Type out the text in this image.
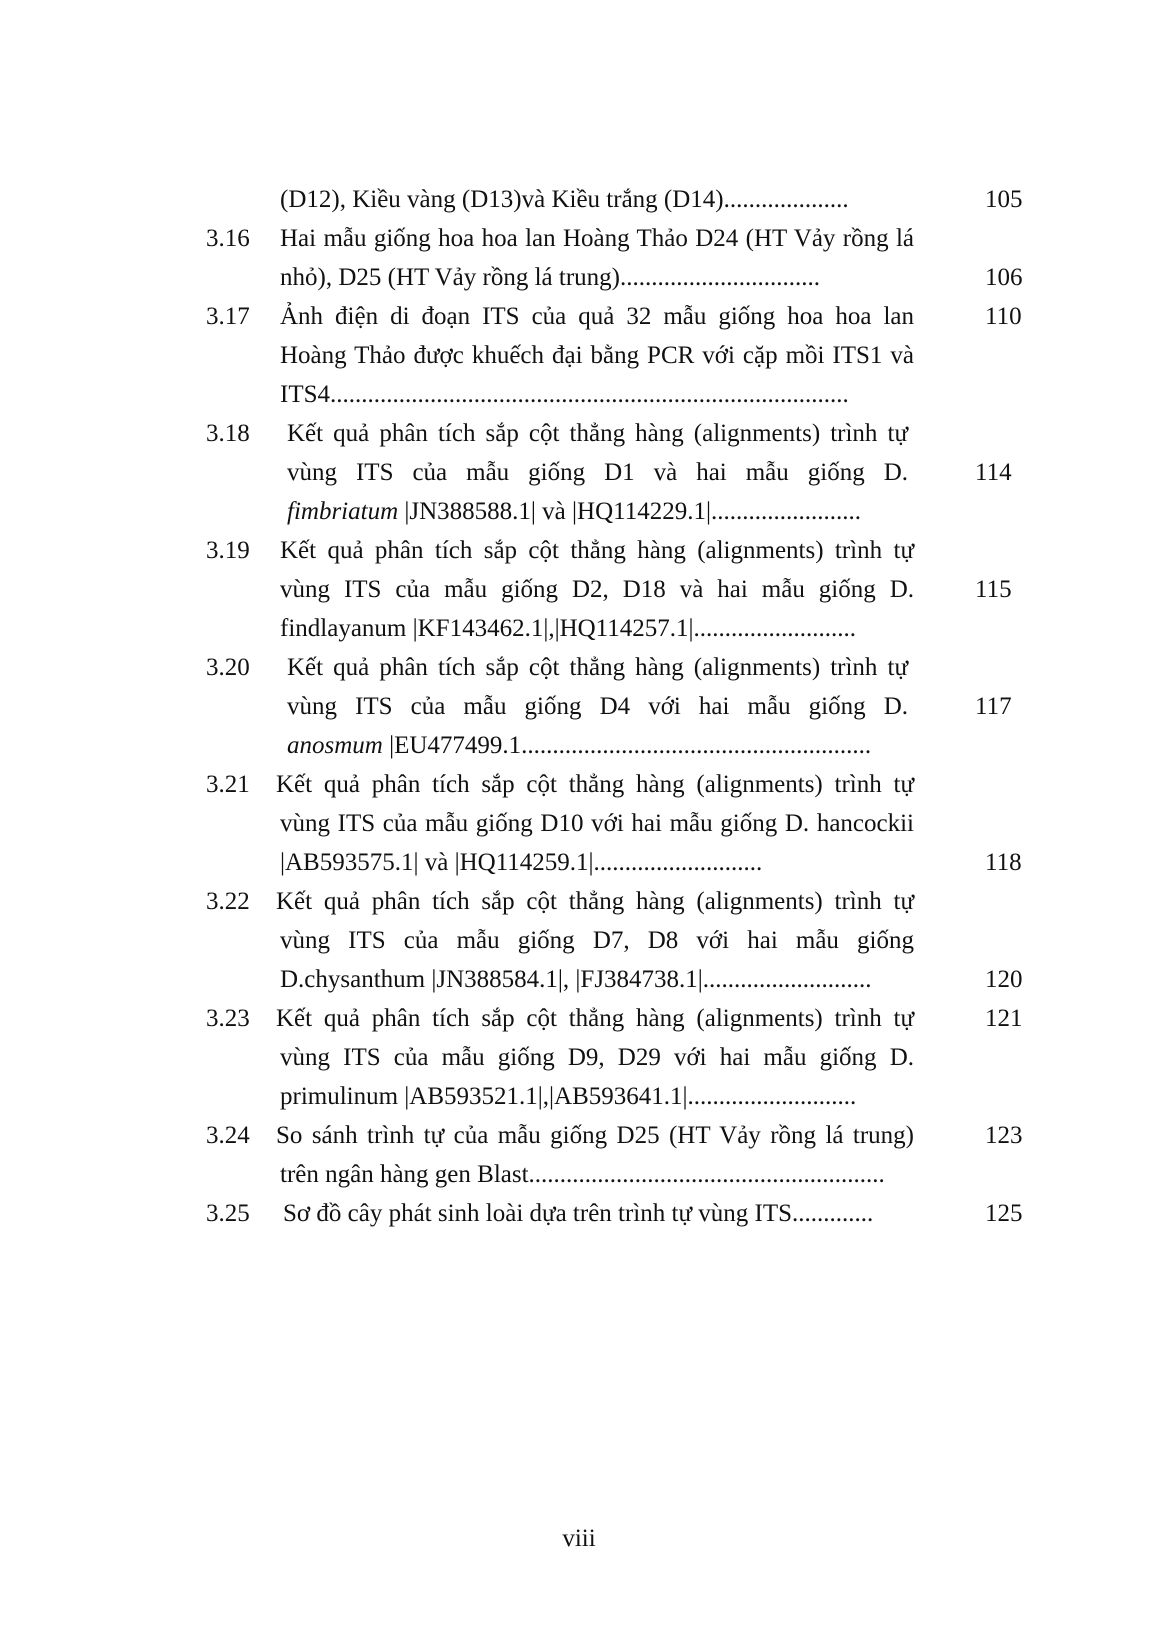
(D12), Kiều vàng (D13)và Kiều trắng (D14)....................	105
3.16 Hai mẫu giống hoa hoa lan Hoàng Thảo D24 (HT Vảy rồng lá
nhỏ), D25 (HT Vảy rồng lá trung)................................	106
3.17 Ảnh điện di đoạn ITS của quả 32 mẫu giống hoa hoa lan	110
Hoàng Thảo được khuếch đại bằng PCR với cặp mồi ITS1 và
ITS4...................................................................................
3.18 Kết quả phân tích sắp cột thẳng hàng (alignments) trình tự
vùng ITS của mẫu giống D1 và hai mẫu giống D.	114
fimbriatum |JN388588.1| và |HQ114229.1|........................
3.19 Kết quả phân tích sắp cột thẳng hàng (alignments) trình tự
vùng ITS của mẫu giống D2, D18 và hai mẫu giống D. 115
findlayanum |KF143462.1|,|HQ114257.1|..........................
3.20 Kết quả phân tích sắp cột thẳng hàng (alignments) trình tự
vùng ITS của mẫu giống D4 với hai mẫu giống D.	117
anosmum |EU477499.1........................................................
3.21 Kết quả phân tích sắp cột thẳng hàng (alignments) trình tự
vùng ITS của mẫu giống D10 với hai mẫu giống D. hancockii
|AB593575.1| và |HQ114259.1|...........................	118
3.22 Kết quả phân tích sắp cột thẳng hàng (alignments) trình tự
vùng ITS của mẫu giống D7, D8 với hai mẫu giống
D.chysanthum |JN388584.1|, |FJ384738.1|...........................	120
3.23 Kết quả phân tích sắp cột thẳng hàng (alignments) trình tự	121
vùng ITS của mẫu giống D9, D29 với hai mẫu giống D.
primulinum |AB593521.1|,|AB593641.1|...........................
3.24 So sánh trình tự của mẫu giống D25 (HT Vảy rồng lá trung)	123
trên ngân hàng gen Blast.........................................................
3.25 Sơ đồ cây phát sinh loài dựa trên trình tự vùng ITS.............	125
viii
